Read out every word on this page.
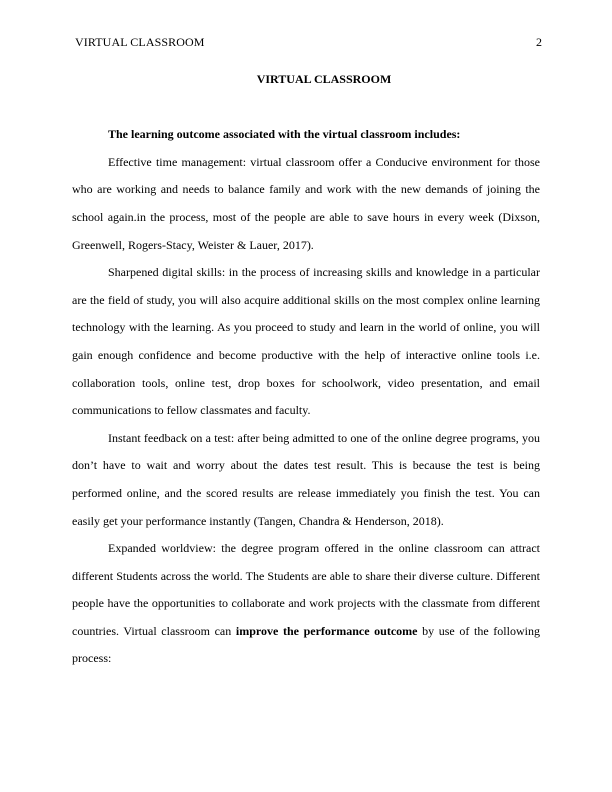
VIRTUAL CLASSROOM	2

VIRTUAL CLASSROOM

The learning outcome associated with the virtual classroom includes:

Effective time management: virtual classroom offer a Conducive environment for those who are working and needs to balance family and work with the new demands of joining the school again.in the process, most of the people are able to save hours in every week (Dixson, Greenwell, Rogers-Stacy, Weister & Lauer, 2017).

Sharpened digital skills: in the process of increasing skills and knowledge in a particular are the field of study, you will also acquire additional skills on the most complex online learning technology with the learning. As you proceed to study and learn in the world of online, you will gain enough confidence and become productive with the help of interactive online tools i.e. collaboration tools, online test, drop boxes for schoolwork, video presentation, and email communications to fellow classmates and faculty.

Instant feedback on a test: after being admitted to one of the online degree programs, you don’t have to wait and worry about the dates test result. This is because the test is being performed online, and the scored results are release immediately you finish the test. You can easily get your performance instantly (Tangen, Chandra & Henderson, 2018).

Expanded worldview: the degree program offered in the online classroom can attract different Students across the world. The Students are able to share their diverse culture. Different people have the opportunities to collaborate and work projects with the classmate from different countries. Virtual classroom can improve the performance outcome by use of the following process:
